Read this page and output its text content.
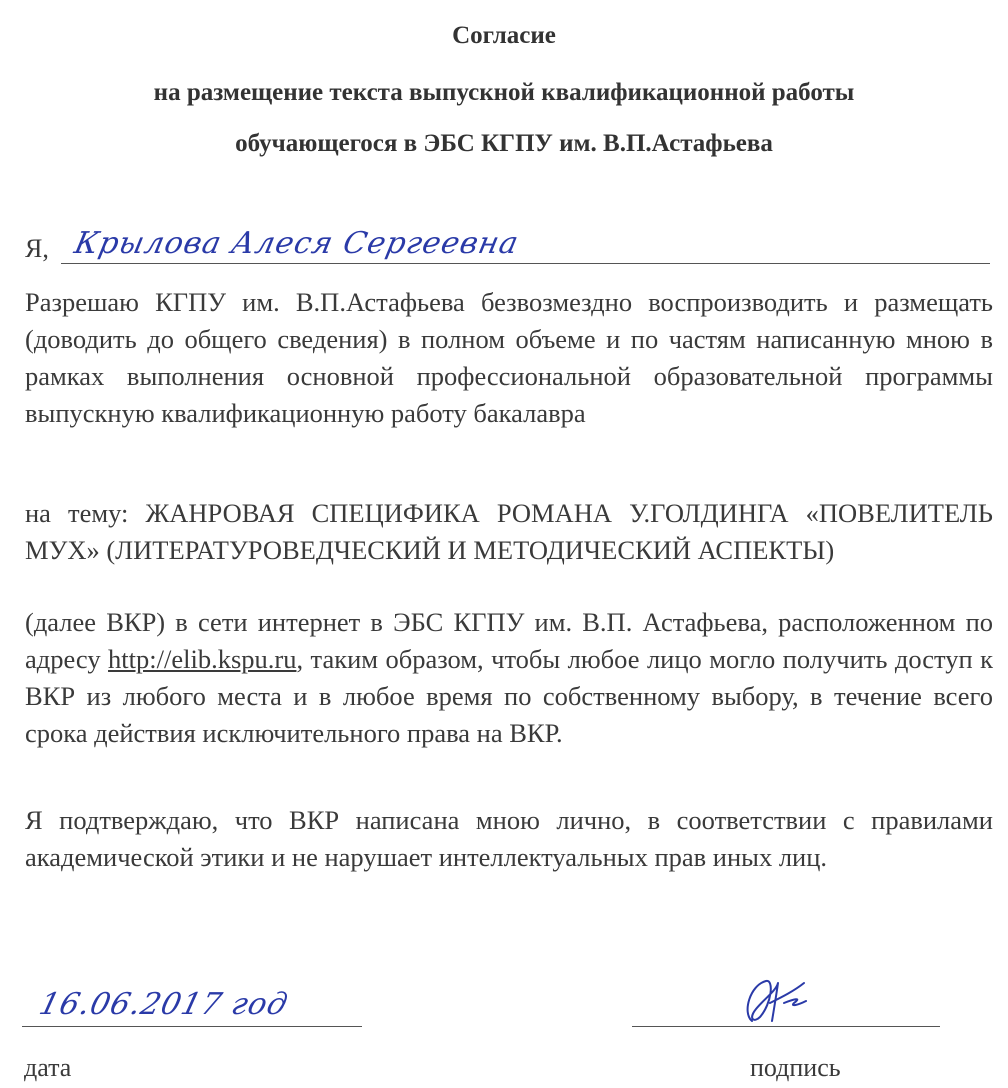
Согласие
на размещение текста выпускной квалификационной работы
обучающегося в ЭБС КГПУ им. В.П.Астафьева
Я, Крылова Алеся Сергеевна
Разрешаю КГПУ им. В.П.Астафьева безвозмездно воспроизводить и размещать (доводить до общего сведения) в полном объеме и по частям написанную мною в рамках выполнения основной профессиональной образовательной программы выпускную квалификационную работу бакалавра
на тему: ЖАНРОВАЯ СПЕЦИФИКА РОМАНА У.ГОЛДИНГА «ПОВЕЛИТЕЛЬ МУХ» (ЛИТЕРАТУРОВЕДЧЕСКИЙ И МЕТОДИЧЕСКИЙ АСПЕКТЫ)
(далее ВКР) в сети интернет в ЭБС КГПУ им. В.П. Астафьева, расположенном по адресу http://elib.kspu.ru, таким образом, чтобы любое лицо могло получить доступ к ВКР из любого места и в любое время по собственному выбору, в течение всего срока действия исключительного права на ВКР.
Я подтверждаю, что ВКР написана мною лично, в соответствии с правилами академической этики и не нарушает интеллектуальных прав иных лиц.
16.06.2017 год
дата	подпись
